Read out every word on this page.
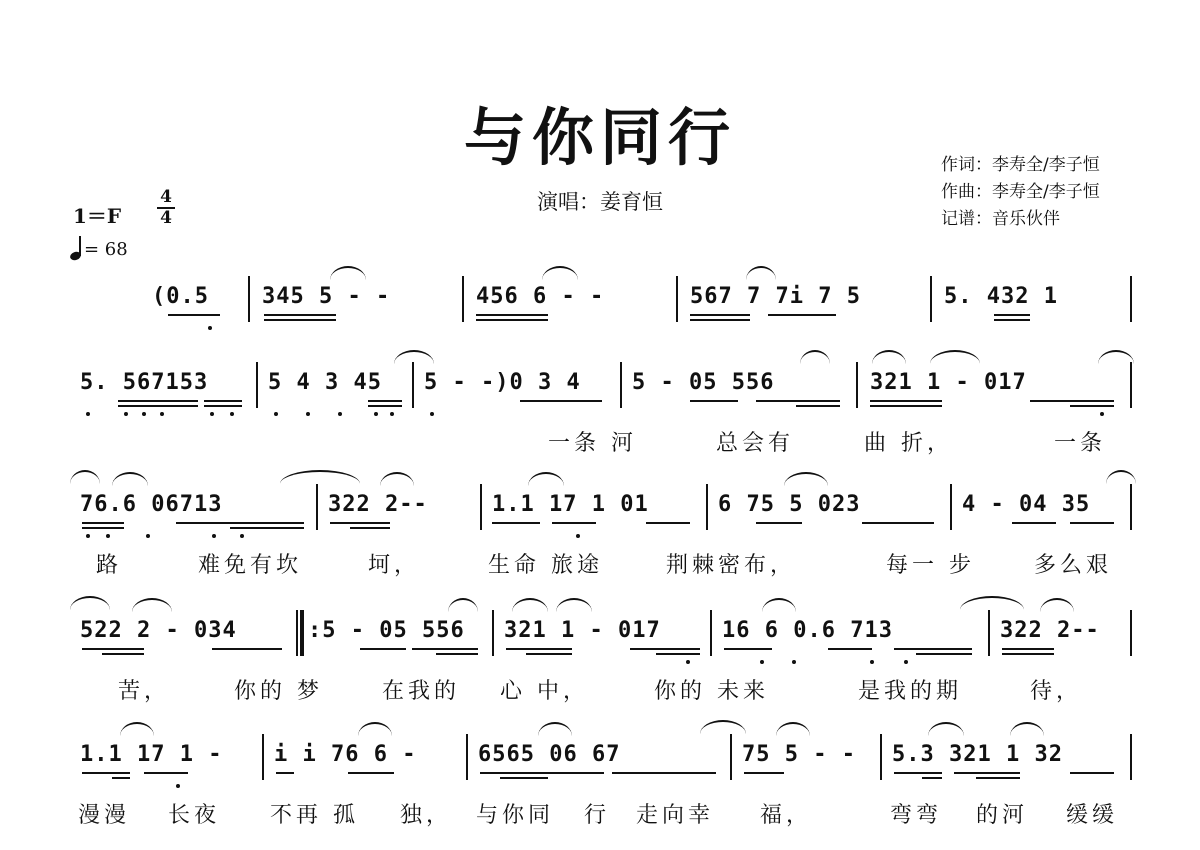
与你同行
演唱：姜育恒
作词：李寿全/李子恒
作曲：李寿全/李子恒
记谱：音乐伙伴
1＝F
4
4
= 68
(0.5 345 5 - -	456 6 - -	567 7 7i 7 5	5. 432 1
5. 567153	5 4 3 45 5 - -)0 3 4 5 - 05 556	321 1 - 017
一条 河	总会有	曲 折，	一条
76.6 06713	322 2--	1.1 17 1 01	6 75 5 023	4 - 04 35
路	难免有坎	坷，	生命 旅途	荆棘密布，	每一 步	多么艰
522 2 - 034	:5 - 05 556 321 1 - 017	16 6 0.6 713	322 2--
苦，	你的 梦	在我的 心 中，	你的 未来	是我的期	待，
1.1 17 1 - i i 76 6 -	6565 06 67	75 5 - - 5.3 321 1 32
漫漫 长夜 不再 孤 独， 与你同 行 走向幸 福，	弯弯 的河 缓缓
